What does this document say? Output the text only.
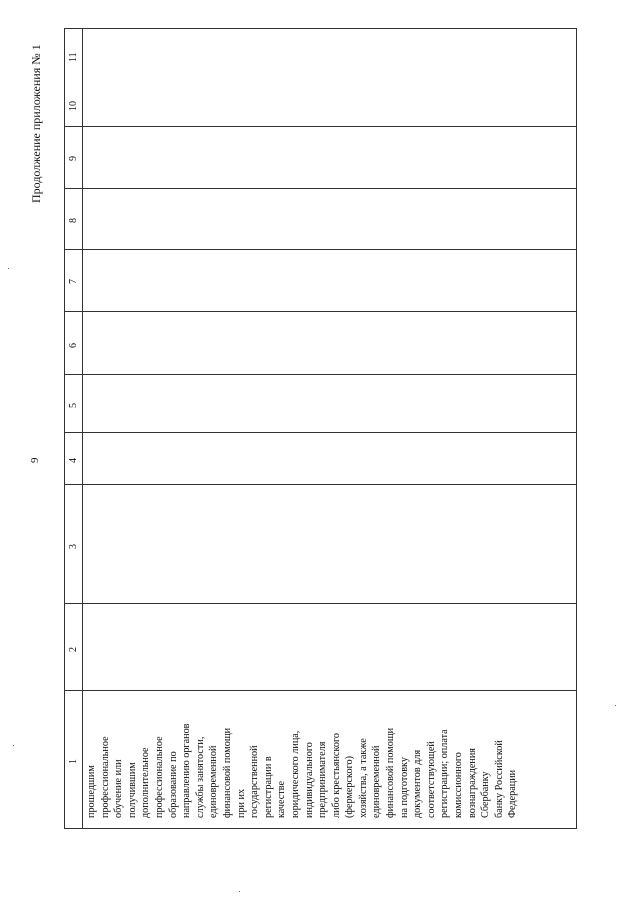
9
Продолжение приложения № 1
1
2
3
4
5
6
7
8
9
10
11
прошедшим профессиональное обучение или получившим дополнительное профессиональное образование по направлению органов службы занятости, единовременной финансовой помощи при их государственной регистрации в качестве юридического лица, индивидуального предпринимателя либо крестьянского (фермерского) хозяйства, а также единовременной финансовой помощи на подготовку документов для соответствующей регистрации; оплата комиссионного вознаграждения Сбербанку банку Российской Федерации
